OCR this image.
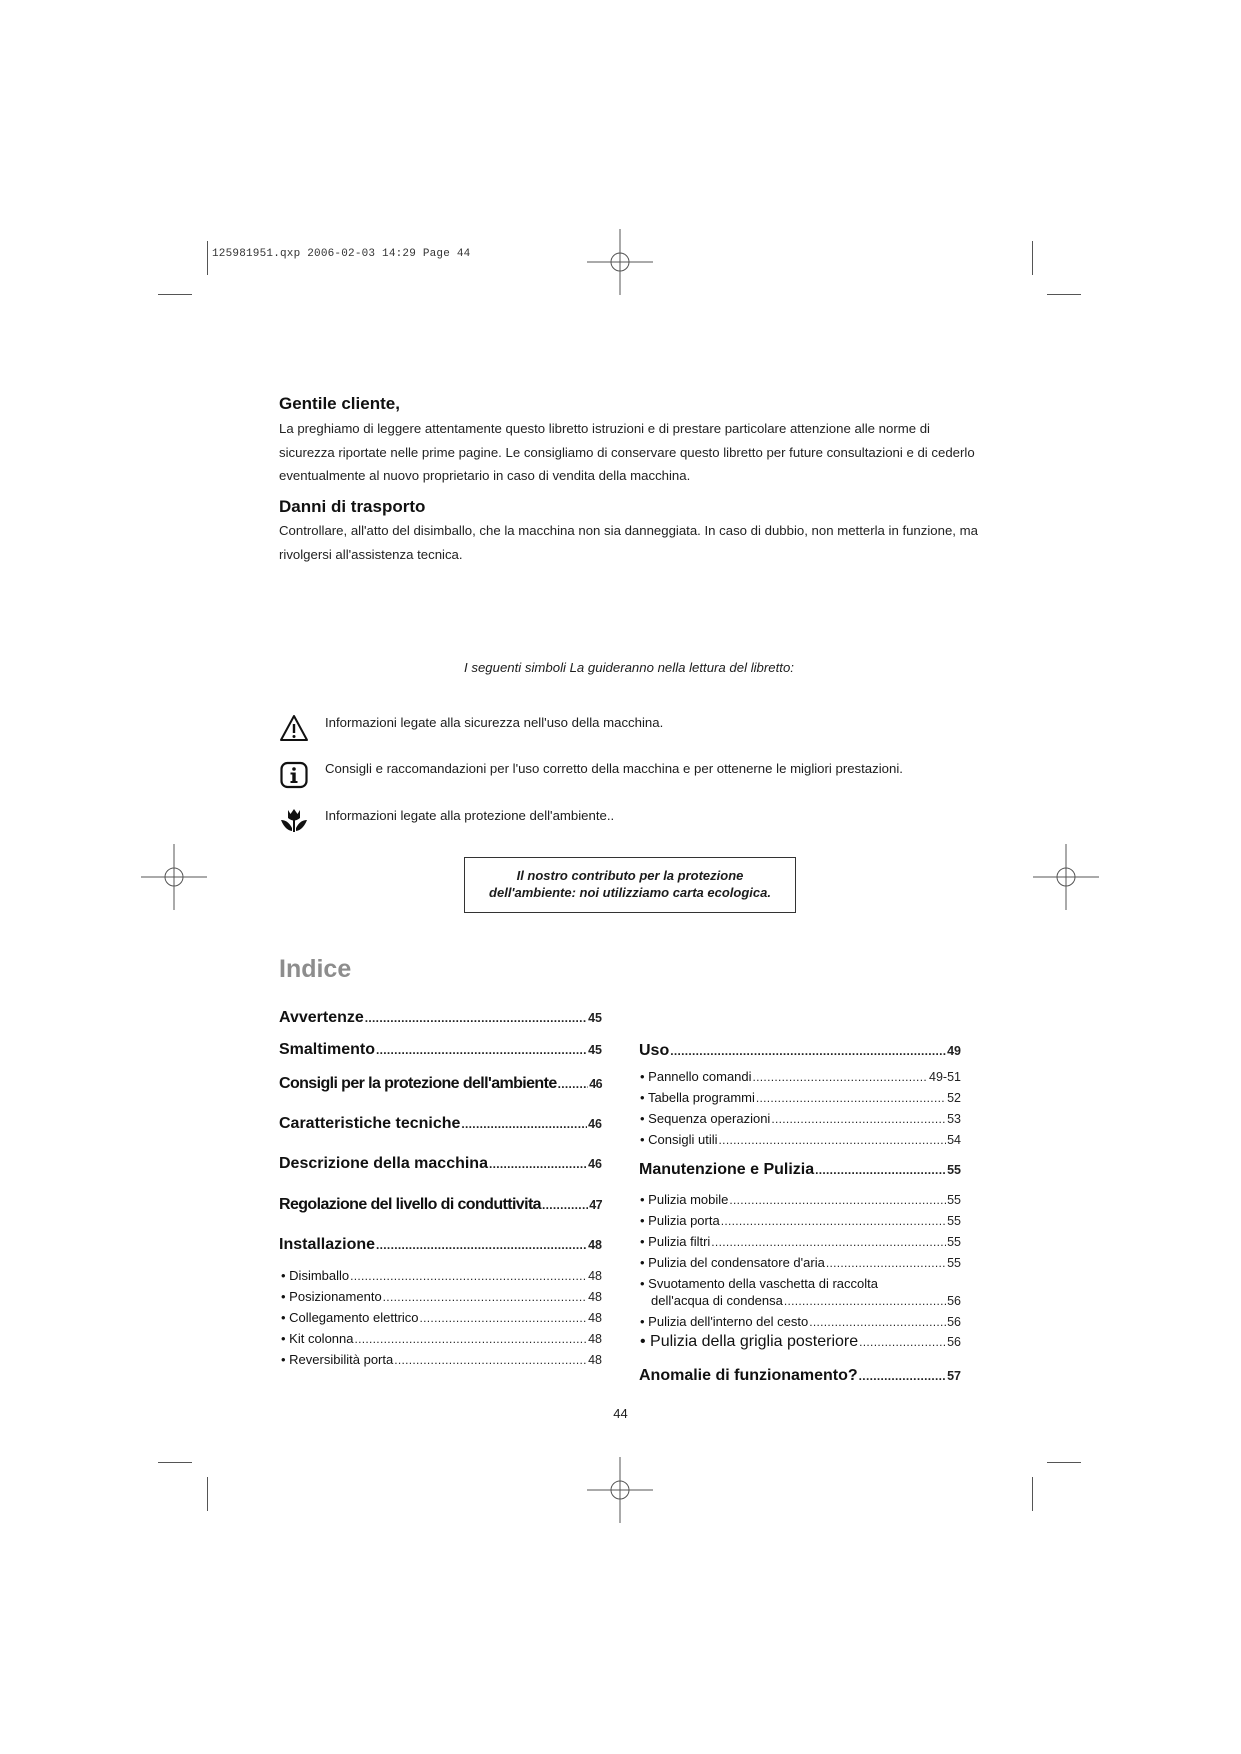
125981951.qxp 2006-02-03 14:29 Page 44
Gentile cliente,
La preghiamo di leggere attentamente questo libretto istruzioni e di prestare particolare attenzione alle norme di sicurezza riportate nelle prime pagine. Le consigliamo di conservare questo libretto per future consultazioni e di cederlo eventualmente al nuovo proprietario in caso di vendita della macchina.
Danni di trasporto
Controllare, all'atto del disimballo, che la macchina non sia danneggiata. In caso di dubbio, non metterla in funzione, ma rivolgersi all'assistenza tecnica.
I seguenti simboli La guideranno nella lettura del libretto:
Informazioni legate alla sicurezza nell'uso della macchina.
Consigli e raccomandazioni per l'uso corretto della macchina e per ottenerne le migliori prestazioni.
Informazioni legate alla protezione dell'ambiente..
Il nostro contributo per la protezione
dell'ambiente: noi utilizziamo carta ecologica.
Indice
Avvertenze .....	45
Smaltimento .....	45
Consigli per la protezione dell'ambiente .....	46
Caratteristiche tecniche .....	46
Descrizione della macchina .....	46
Regolazione del livello di conduttivita .....	47
Installazione .....	48
• Disimballo .....	48
• Posizionamento .....	48
• Collegamento elettrico .....	48
• Kit colonna .....	48
• Reversibilità porta .....	48
Uso .....	49
• Pannello comandi .....	49-51
• Tabella programmi .....	52
• Sequenza operazioni .....	53
• Consigli utili .....	54
Manutenzione e Pulizia .....	55
• Pulizia mobile .....	55
• Pulizia porta .....	55
• Pulizia filtri .....	55
• Pulizia del condensatore d'aria .....	55
• Svuotamento della vaschetta di raccolta
dell'acqua di condensa .....	56
• Pulizia dell'interno del cesto .....	56
• Pulizia della griglia posteriore .....	56
Anomalie di funzionamento? .....	57
44
